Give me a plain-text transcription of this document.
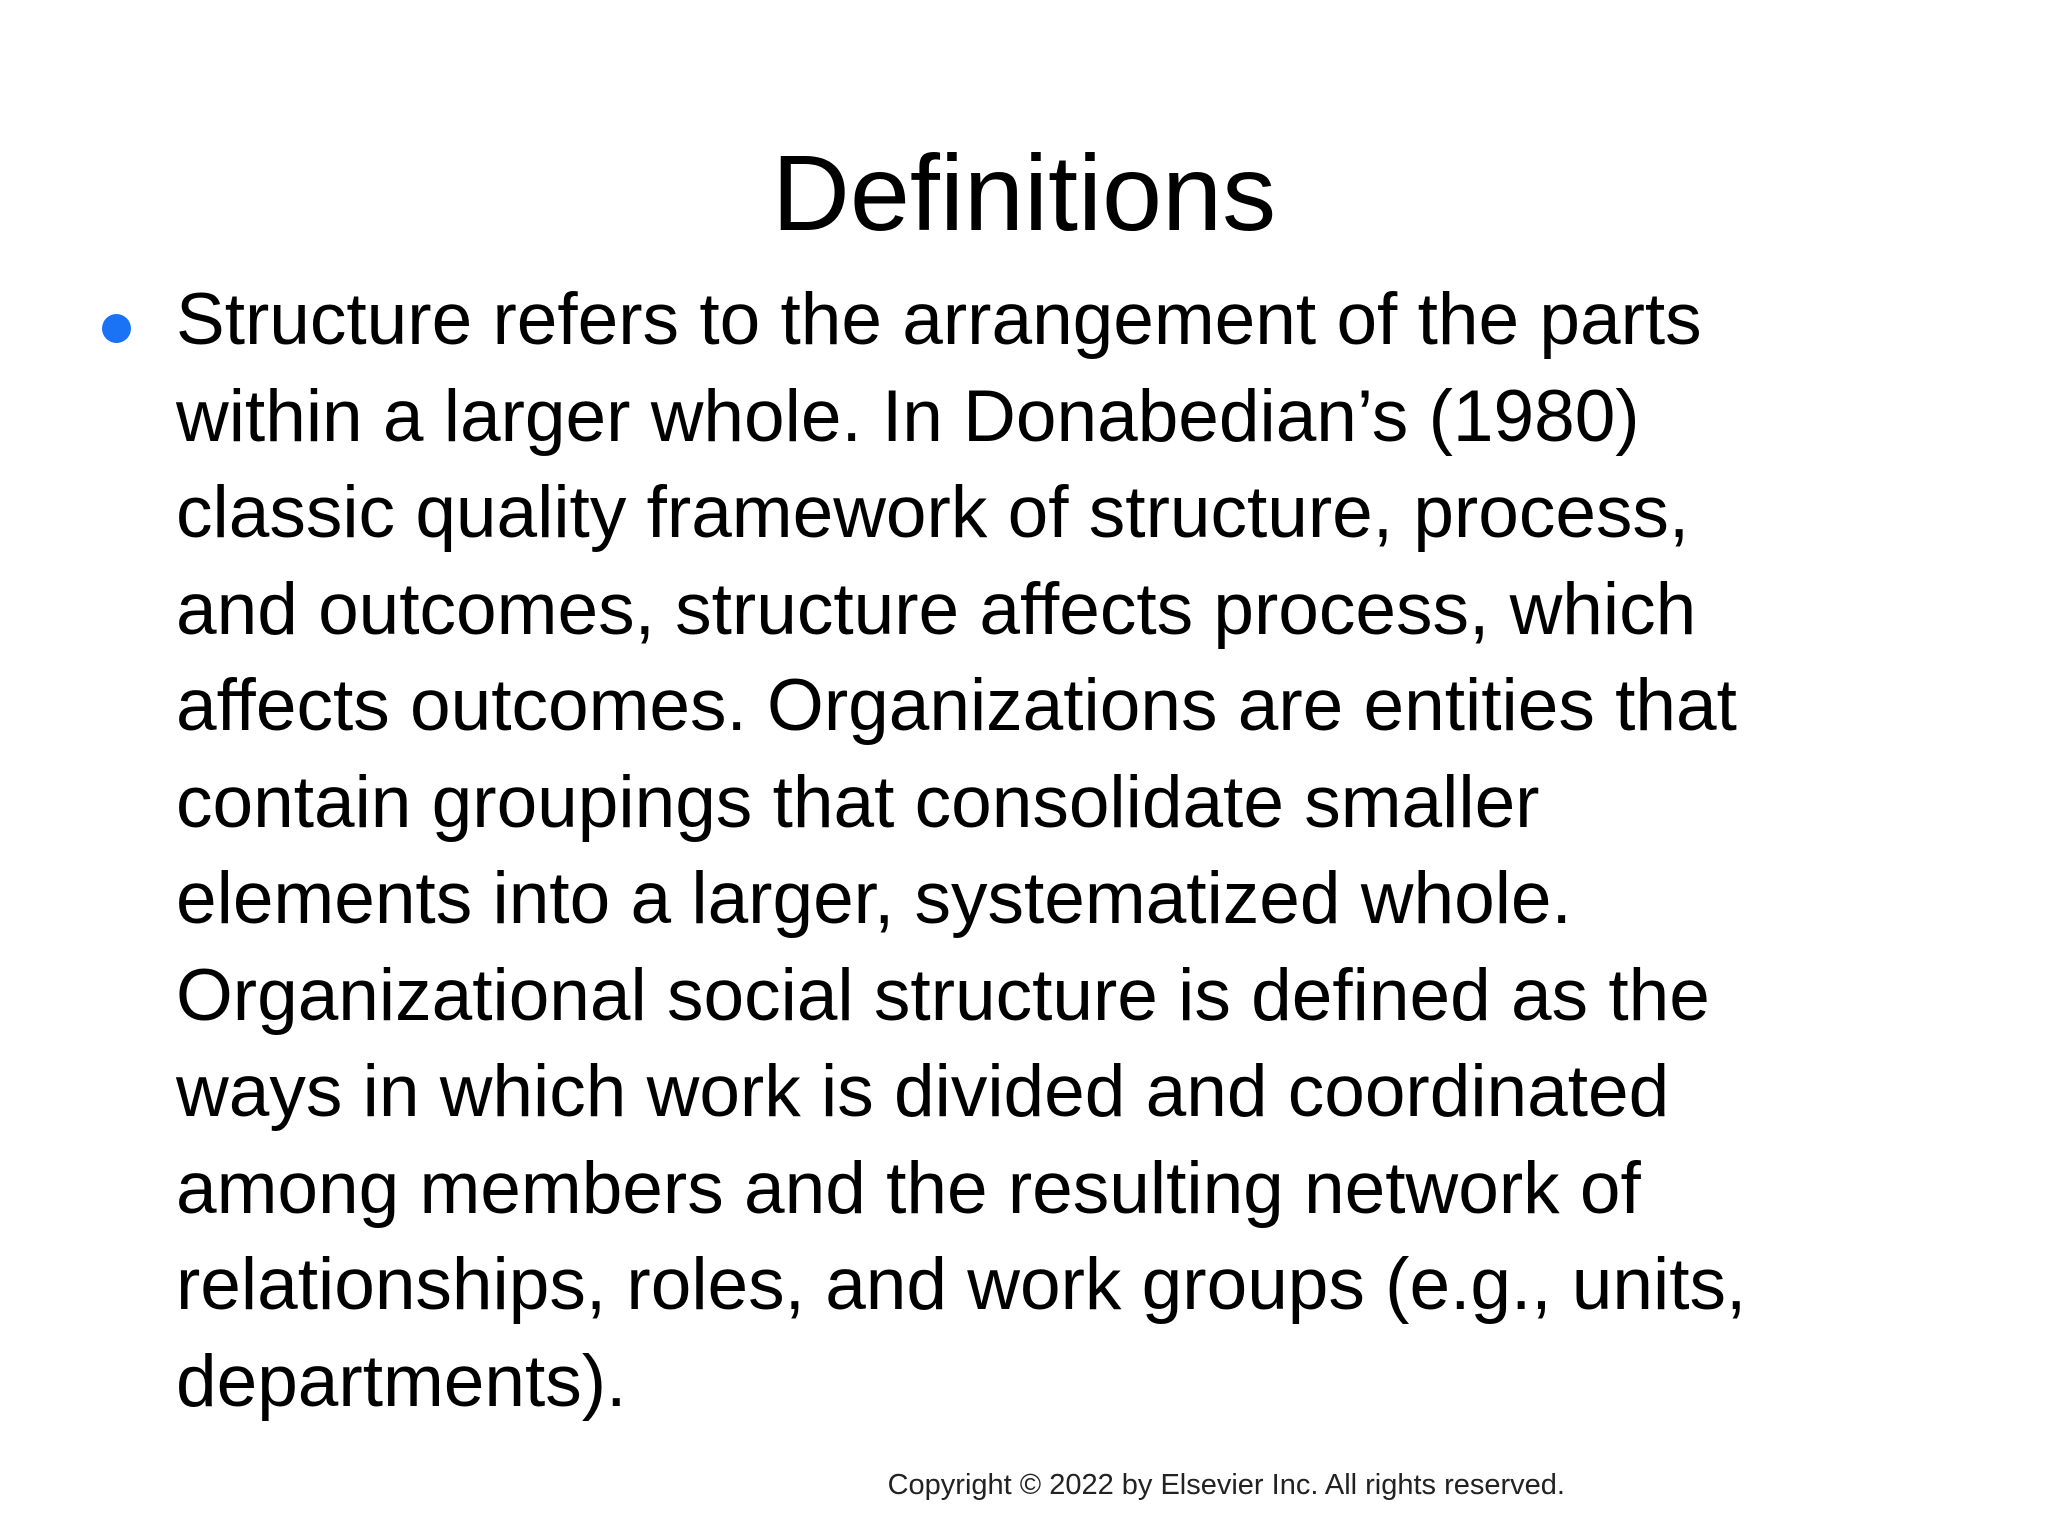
Definitions
Structure refers to the arrangement of the parts
within a larger whole. In Donabedian’s (1980)
classic quality framework of structure, process,
and outcomes, structure affects process, which
affects outcomes. Organizations are entities that
contain groupings that consolidate smaller
elements into a larger, systematized whole.
Organizational social structure is defined as the
ways in which work is divided and coordinated
among members and the resulting network of
relationships, roles, and work groups (e.g., units,
departments).
Copyright © 2022 by Elsevier Inc. All rights reserved.
